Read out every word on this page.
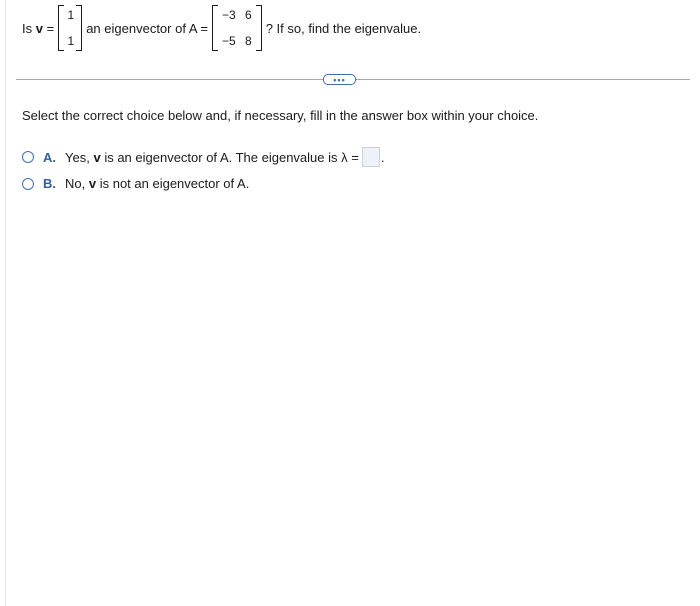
Is
v
=
1
1
an eigenvector of A =
−3 6
−5 8
? If so, find the eigenvalue.
•••
Select the correct choice below and, if necessary, fill in the answer box within your choice.
A. Yes, v is an eigenvector of A. The eigenvalue is λ = .
B. No, v is not an eigenvector of A.
